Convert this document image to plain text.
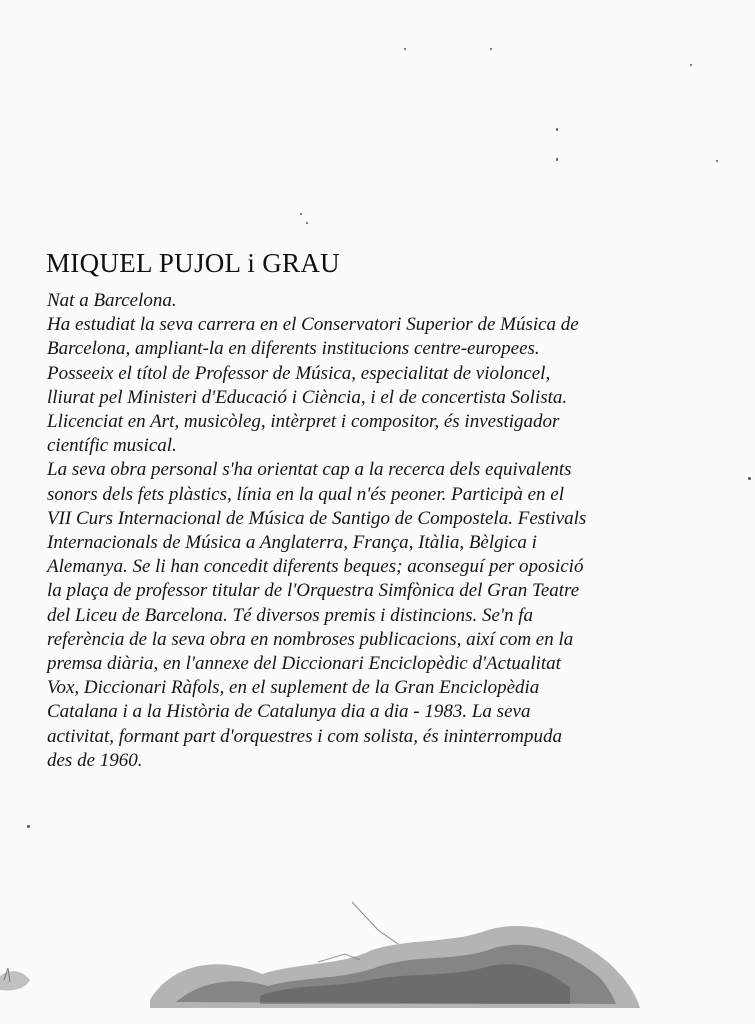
MIQUEL PUJOL i GRAU
Nat a Barcelona.
Ha estudiat la seva carrera en el Conservatori Superior de Música de
Barcelona, ampliant-la en diferents institucions centre-europees.
Posseeix el títol de Professor de Música, especialitat de violoncel,
lliurat pel Ministeri d'Educació i Ciència, i el de concertista Solista.
Llicenciat en Art, musicòleg, intèrpret i compositor, és investigador
científic musical.
La seva obra personal s'ha orientat cap a la recerca dels equivalents
sonors dels fets plàstics, línia en la qual n'és peoner. Participà en el
VII Curs Internacional de Música de Santigo de Compostela. Festivals
Internacionals de Música a Anglaterra, França, Itàlia, Bèlgica i
Alemanya. Se li han concedit diferents beques; aconseguí per oposició
la plaça de professor titular de l'Orquestra Simfònica del Gran Teatre
del Liceu de Barcelona. Té diversos premis i distincions. Se'n fa
referència de la seva obra en nombroses publicacions, així com en la
premsa diària, en l'annexe del Diccionari Enciclopèdic d'Actualitat
Vox, Diccionari Ràfols, en el suplement de la Gran Enciclopèdia
Catalana i a la Història de Catalunya dia a dia - 1983. La seva
activitat, formant part d'orquestres i com solista, és ininterrompuda
des de 1960.
